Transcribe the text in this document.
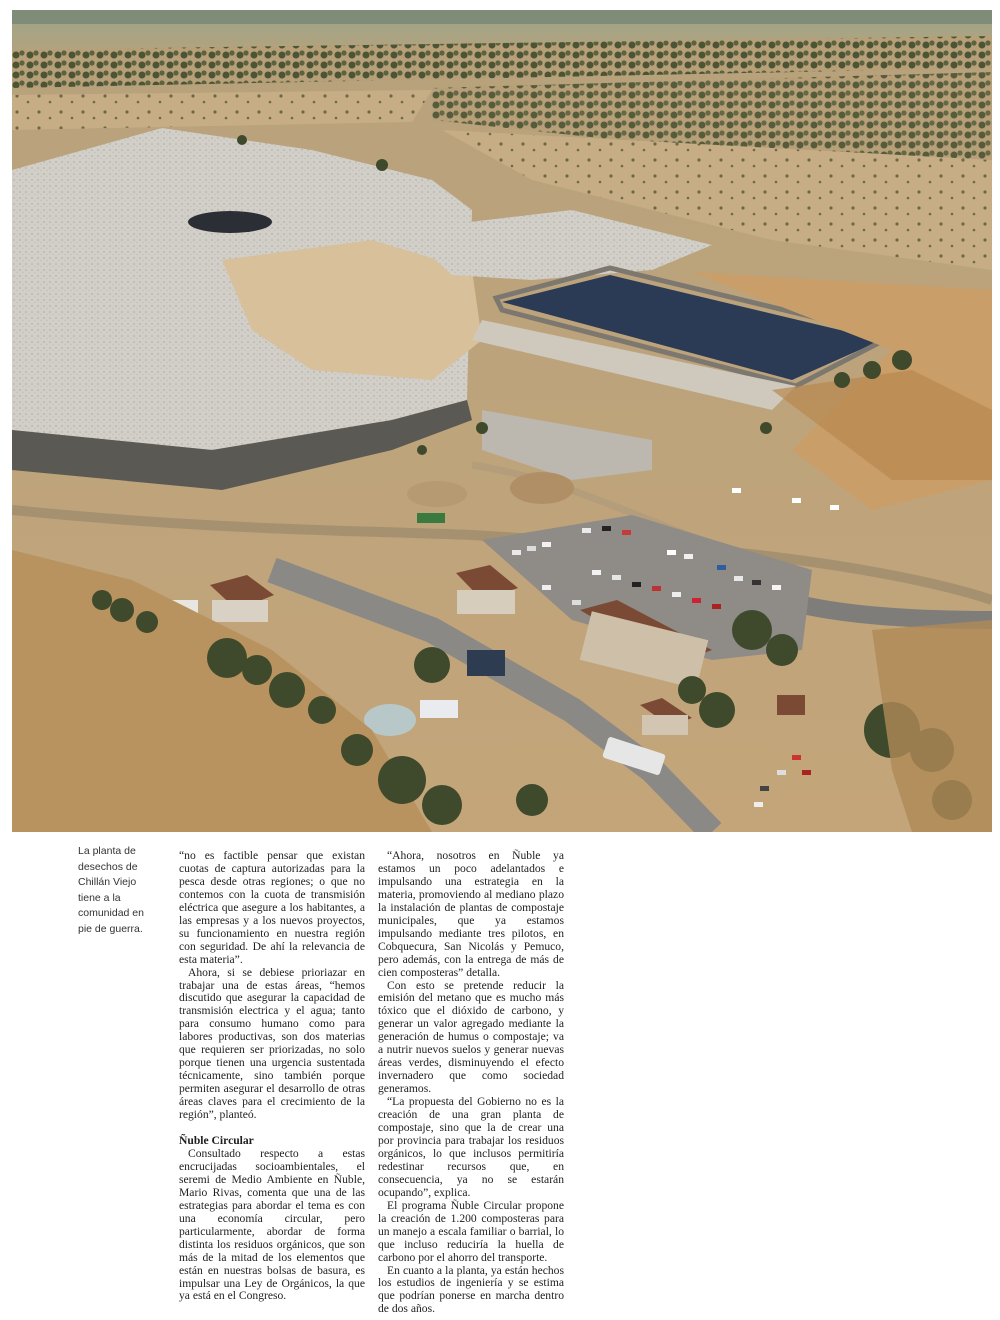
La planta de desechos de Chillán Viejo tiene a la comunidad en pie de guerra.

“no es factible pensar que existan cuotas de captura autorizadas para la pesca desde otras regiones; o que no contemos con la cuota de transmisión eléctrica que asegure a los habitantes, a las empresas y a los nuevos proyectos, su funcionamiento en nuestra región con seguridad. De ahí la relevancia de esta materia”.

Ahora, si se debiese prioriazar en trabajar una de estas áreas, “hemos discutido que asegurar la capacidad de transmisión electrica y el agua; tanto para consumo humano como para labores productivas, son dos materias que requieren ser priorizadas, no solo porque tienen una urgencia sustentada técnicamente, sino también porque permiten asegurar el desarrollo de otras áreas claves para el crecimiento de la región”, planteó.

Ñuble Circular

Consultado respecto a estas encrucijadas socioambientales, el seremi de Medio Ambiente en Ñuble, Mario Rivas, comenta que una de las estrategias para abordar el tema es con una economía circular, pero particularmente, abordar de forma distinta los residuos orgánicos, que son más de la mitad de los elementos que están en nuestras bolsas de basura, es impulsar una Ley de Orgánicos, la que ya está en el Congreso.

“Ahora, nosotros en Ñuble ya estamos un poco adelantados e impulsando una estrategia en la materia, promoviendo al mediano plazo la instalación de plantas de compostaje municipales, que ya estamos impulsando mediante tres pilotos, en Cobquecura, San Nicolás y Pemuco, pero además, con la entrega de más de cien composteras” detalla.

Con esto se pretende reducir la emisión del metano que es mucho más tóxico que el dióxido de carbono, y generar un valor agregado mediante la generación de humus o compostaje; va a nutrir nuevos suelos y generar nuevas áreas verdes, disminuyendo el efecto invernadero que como sociedad generamos.

“La propuesta del Gobierno no es la creación de una gran planta de compostaje, sino que la de crear una por provincia para trabajar los residuos orgánicos, lo que inclusos permitiría redestinar recursos que, en consecuencia, ya no se estarán ocupando”, explica.

El programa Ñuble Circular propone la creación de 1.200 composteras para un manejo a escala familiar o barrial, lo que incluso reduciría la huella de carbono por el ahorro del transporte.

En cuanto a la planta, ya están hechos los estudios de ingeniería y se estima que podrían ponerse en marcha dentro de dos años.
